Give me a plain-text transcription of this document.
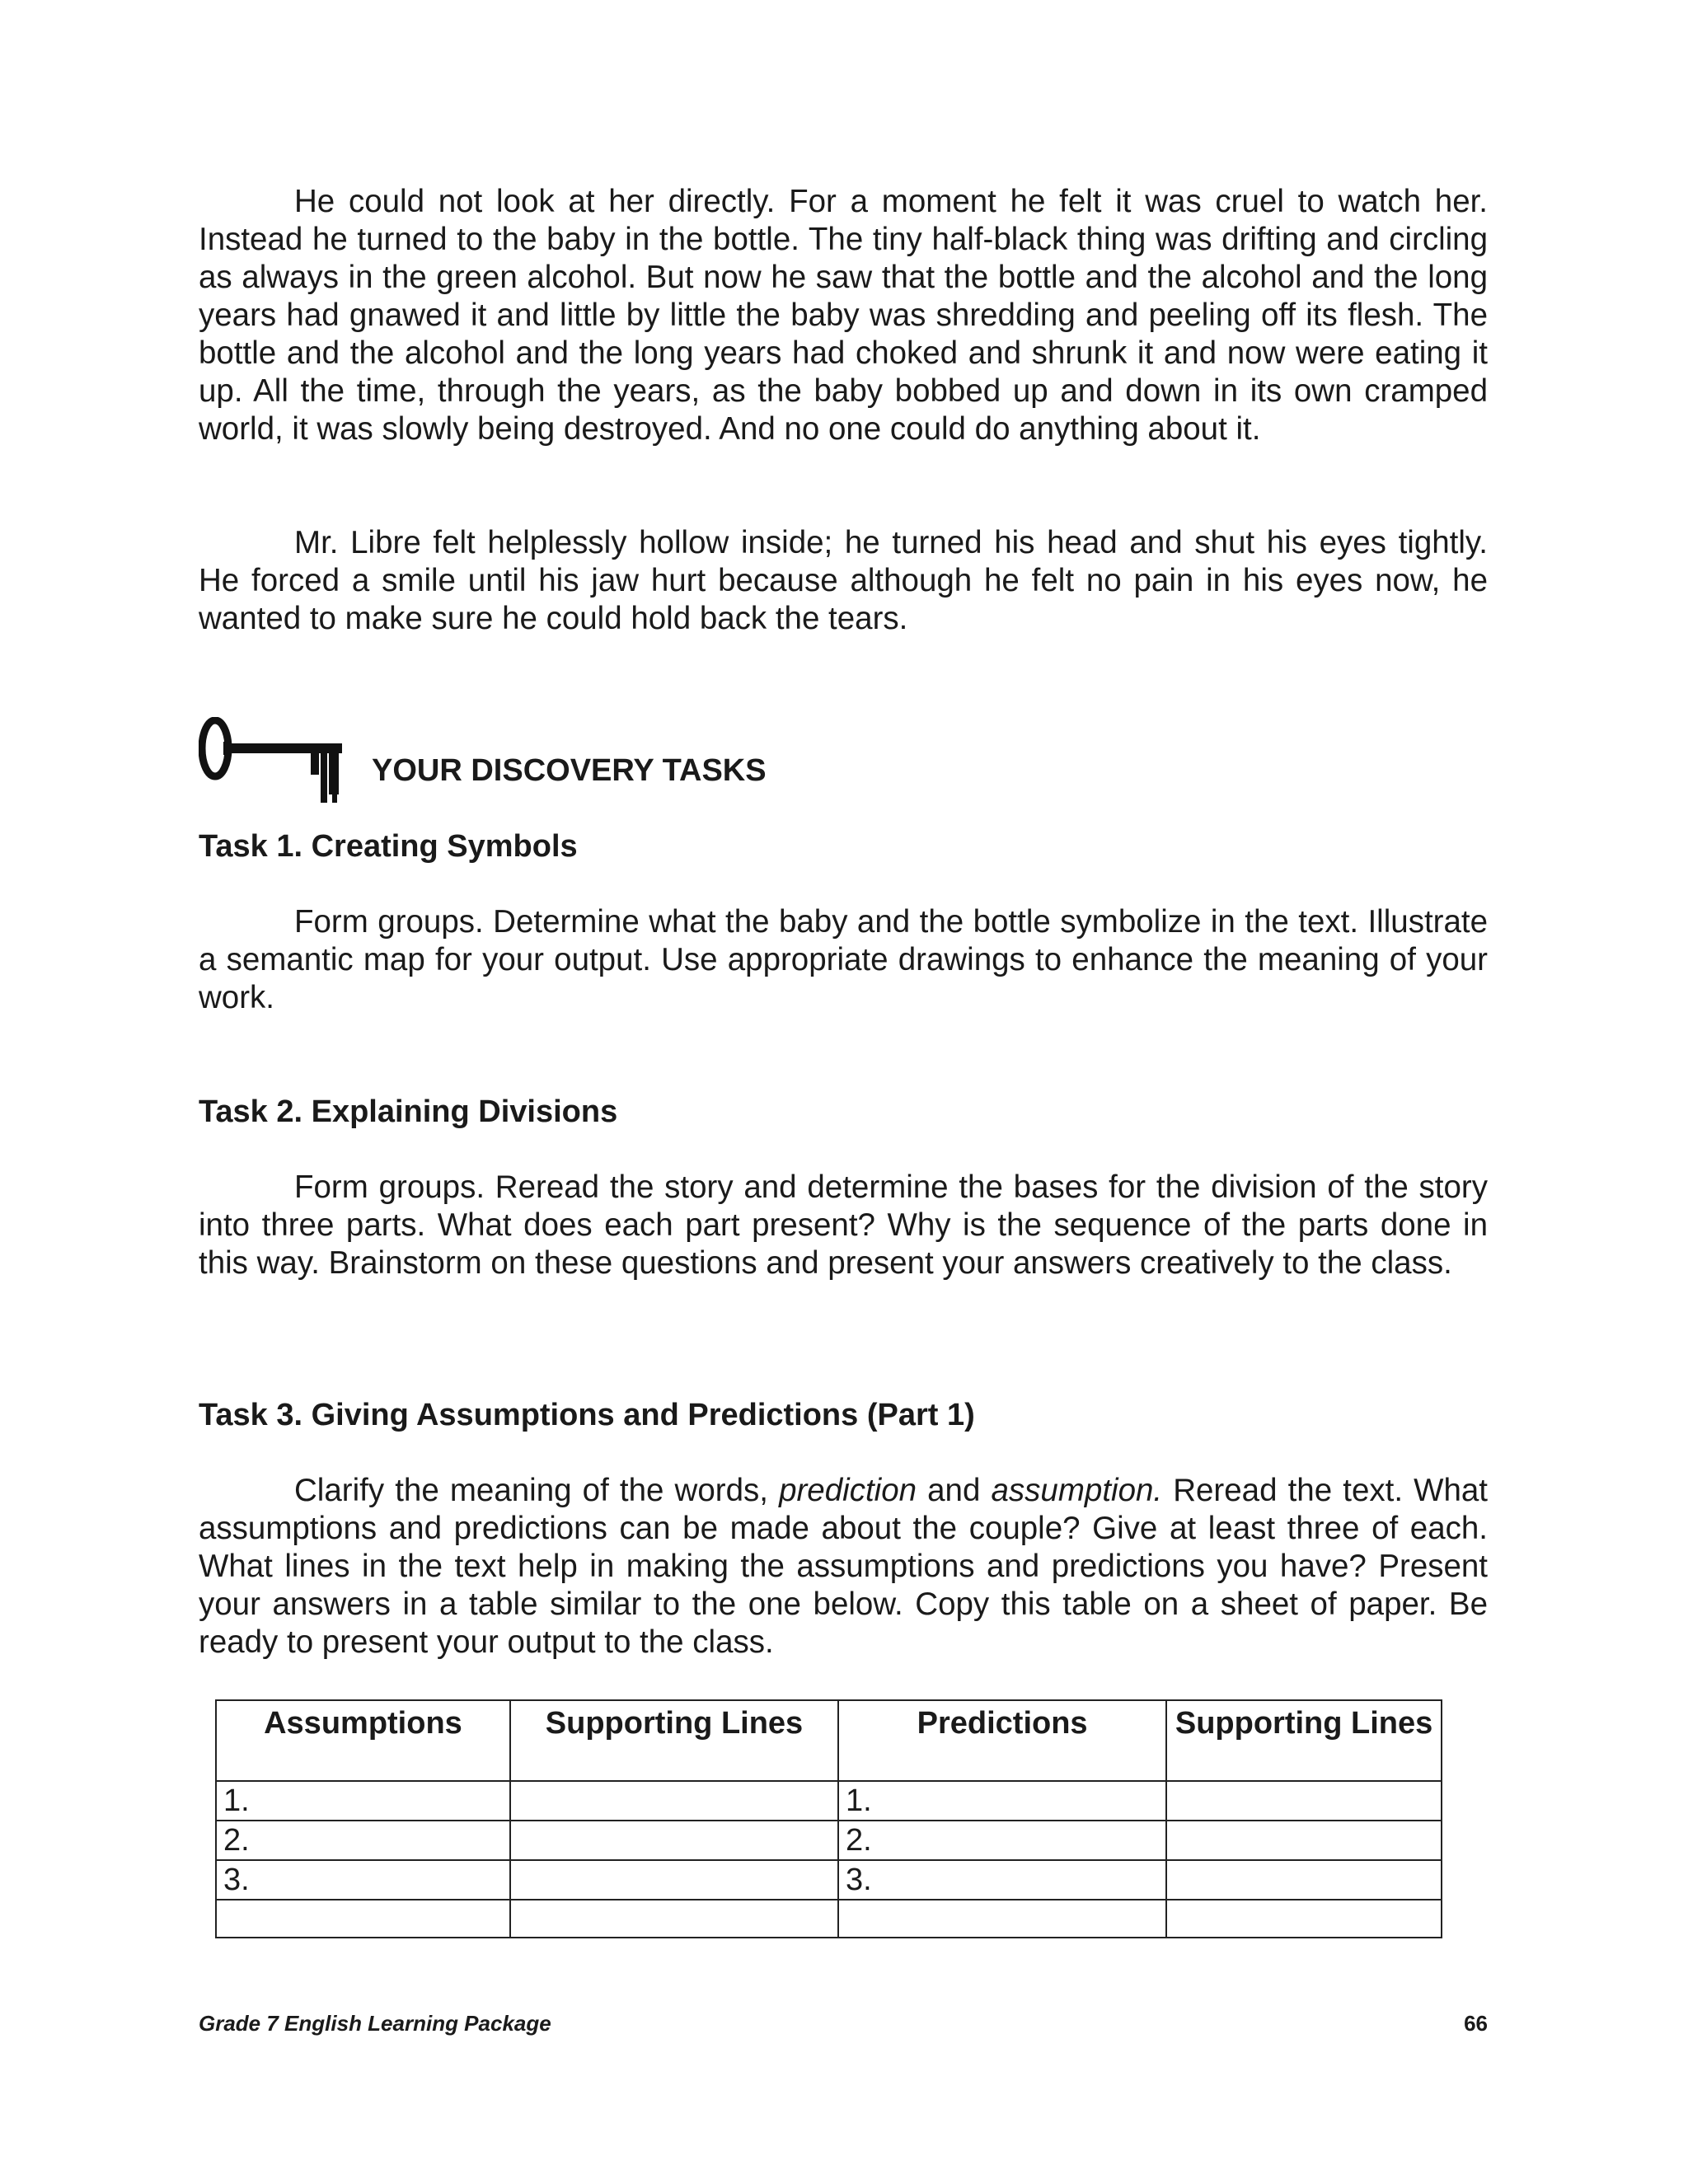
He could not look at her directly. For a moment he felt it was cruel to watch her. Instead he turned to the baby in the bottle. The tiny half-black thing was drifting and circling as always in the green alcohol. But now he saw that the bottle and the alcohol and the long years had gnawed it and little by little the baby was shredding and peeling off its flesh. The bottle and the alcohol and the long years had choked and shrunk it and now were eating it up. All the time, through the years, as the baby bobbed up and down in its own cramped world, it was slowly being destroyed. And no one could do anything about it.

Mr. Libre felt helplessly hollow inside; he turned his head and shut his eyes tightly. He forced a smile until his jaw hurt because although he felt no pain in his eyes now, he wanted to make sure he could hold back the tears.

YOUR DISCOVERY TASKS
Task 1. Creating Symbols

Form groups. Determine what the baby and the bottle symbolize in the text. Illustrate a semantic map for your output. Use appropriate drawings to enhance the meaning of your work.

Task 2. Explaining Divisions

Form groups. Reread the story and determine the bases for the division of the story into three parts. What does each part present? Why is the sequence of the parts done in this way. Brainstorm on these questions and present your answers creatively to the class.

Task 3. Giving Assumptions and Predictions (Part 1)

Clarify the meaning of the words, prediction and assumption. Reread the text. What assumptions and predictions can be made about the couple? Give at least three of each. What lines in the text help in making the assumptions and predictions you have? Present your answers in a table similar to the one below. Copy this table on a sheet of paper. Be ready to present your output to the class.

Assumptions	Supporting Lines	Predictions	Supporting Lines
1.		1.	
2.		2.	
3.		3.	

Grade 7 English Learning Package	66
